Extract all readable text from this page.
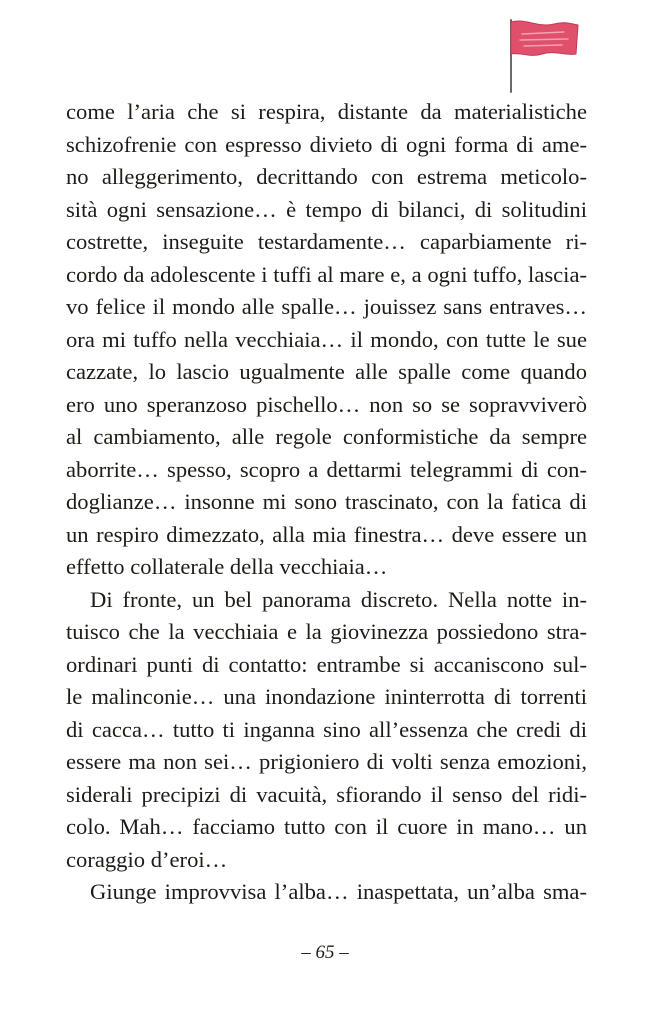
come l’aria che si respira, distante da materialistiche
schizofrenie con espresso divieto di ogni forma di ame-
no alleggerimento, decrittando con estrema meticolo-
sità ogni sensazione… è tempo di bilanci, di solitudini
costrette, inseguite testardamente… caparbiamente ri-
cordo da adolescente i tuffi al mare e, a ogni tuffo, lascia-
vo felice il mondo alle spalle… jouissez sans entraves…
ora mi tuffo nella vecchiaia… il mondo, con tutte le sue
cazzate, lo lascio ugualmente alle spalle come quando
ero uno speranzoso pischello… non so se sopravviverò
al cambiamento, alle regole conformistiche da sempre
aborrite… spesso, scopro a dettarmi telegrammi di con-
doglianze… insonne mi sono trascinato, con la fatica di
un respiro dimezzato, alla mia finestra… deve essere un
effetto collaterale della vecchiaia…
Di fronte, un bel panorama discreto. Nella notte in-
tuisco che la vecchiaia e la giovinezza possiedono stra-
ordinari punti di contatto: entrambe si accaniscono sul-
le malinconie… una inondazione ininterrotta di torrenti
di cacca… tutto ti inganna sino all’essenza che credi di
essere ma non sei… prigioniero di volti senza emozioni,
siderali precipizi di vacuità, sfiorando il senso del ridi-
colo. Mah… facciamo tutto con il cuore in mano… un
coraggio d’eroi…
Giunge improvvisa l’alba… inaspettata, un’alba sma-
– 65 –
